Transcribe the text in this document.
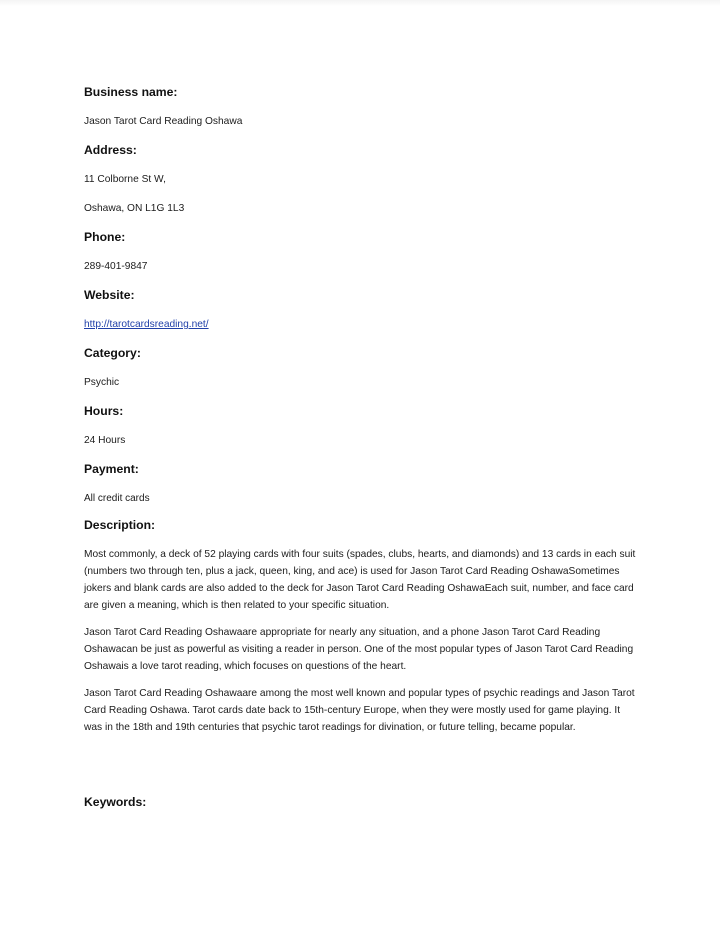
Business name:

Jason Tarot Card Reading Oshawa

Address:

11 Colborne St W,

Oshawa, ON L1G 1L3

Phone:

289-401-9847

Website:

http://tarotcardsreading.net/

Category:

Psychic

Hours:

24 Hours

Payment:

All credit cards

Description:

Most commonly, a deck of 52 playing cards with four suits (spades, clubs, hearts, and diamonds) and 13 cards in each suit (numbers two through ten, plus a jack, queen, king, and ace) is used for Jason Tarot Card Reading OshawaSometimes jokers and blank cards are also added to the deck for Jason Tarot Card Reading OshawaEach suit, number, and face card are given a meaning, which is then related to your specific situation.

Jason Tarot Card Reading Oshawaare appropriate for nearly any situation, and a phone Jason Tarot Card Reading Oshawacan be just as powerful as visiting a reader in person. One of the most popular types of Jason Tarot Card Reading Oshawais a love tarot reading, which focuses on questions of the heart.

Jason Tarot Card Reading Oshawaare among the most well known and popular types of psychic readings and Jason Tarot Card Reading Oshawa. Tarot cards date back to 15th-century Europe, when they were mostly used for game playing. It was in the 18th and 19th centuries that psychic tarot readings for divination, or future telling, became popular.

Keywords:
